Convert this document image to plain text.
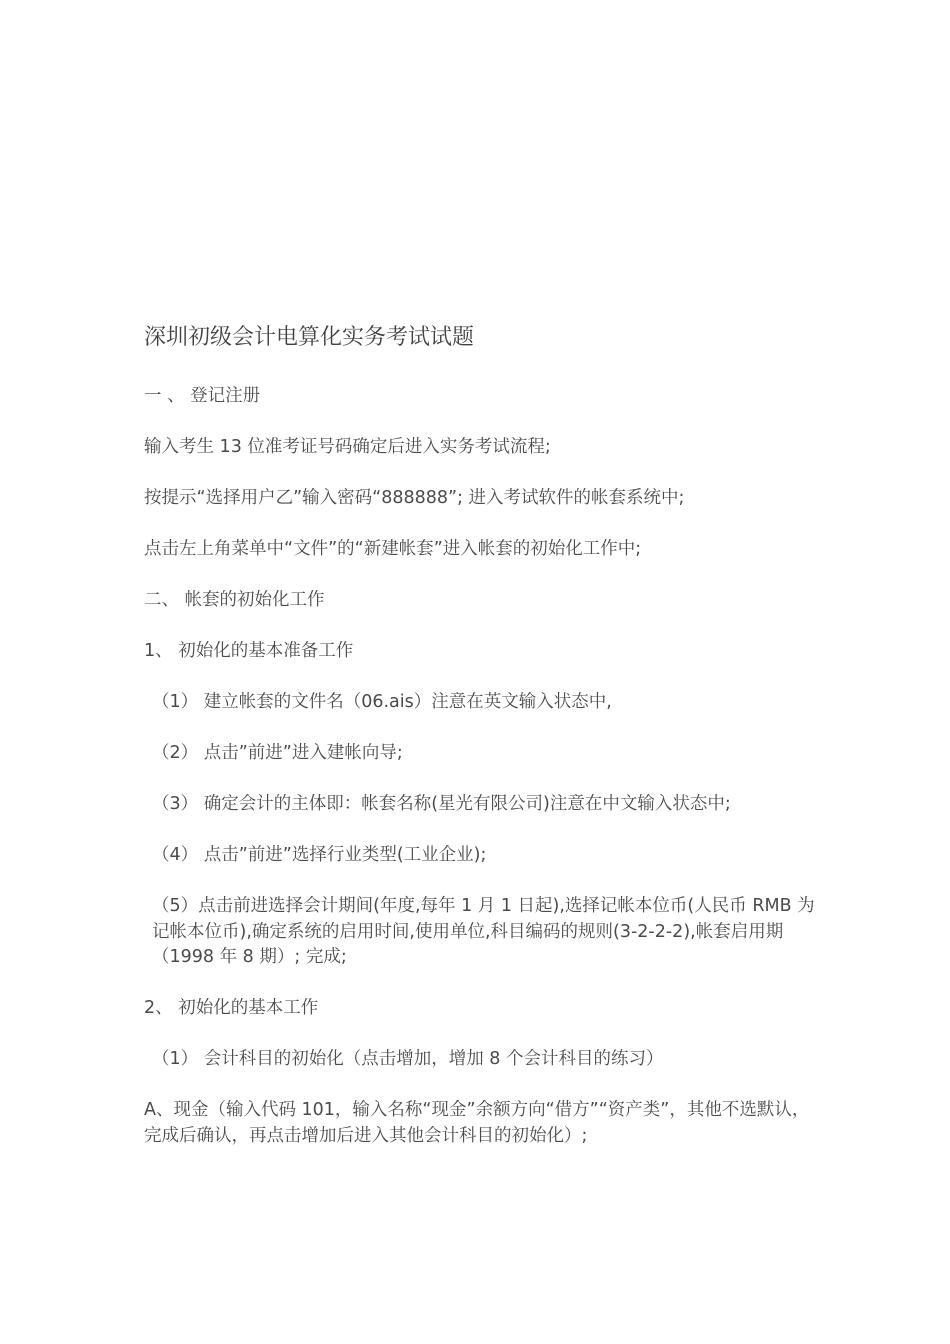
深圳初级会计电算化实务考试试题
一 、 登记注册
输入考生 13 位准考证号码确定后进入实务考试流程;
按提示“选择用户乙”输入密码“888888”; 进入考试软件的帐套系统中;
点击左上角菜单中“文件”的“新建帐套”进入帐套的初始化工作中;
二、 帐套的初始化工作
1、 初始化的基本准备工作
（1） 建立帐套的文件名（06.ais）注意在英文输入状态中,
（2） 点击”前进”进入建帐向导;
（3） 确定会计的主体即：帐套名称(星光有限公司)注意在中文输入状态中;
（4） 点击”前进”选择行业类型(工业企业);
（5）点击前进选择会计期间(年度,每年 1 月 1 日起),选择记帐本位币(人民币 RMB 为记帐本位币),确定系统的启用时间,使用单位,科目编码的规则(3-2-2-2),帐套启用期（1998 年 8 期）; 完成;
2、 初始化的基本工作
（1） 会计科目的初始化（点击增加，增加 8 个会计科目的练习）
A、现金（输入代码 101，输入名称“现金”余额方向“借方”“资产类”，其他不选默认，完成后确认，再点击增加后进入其他会计科目的初始化）;
